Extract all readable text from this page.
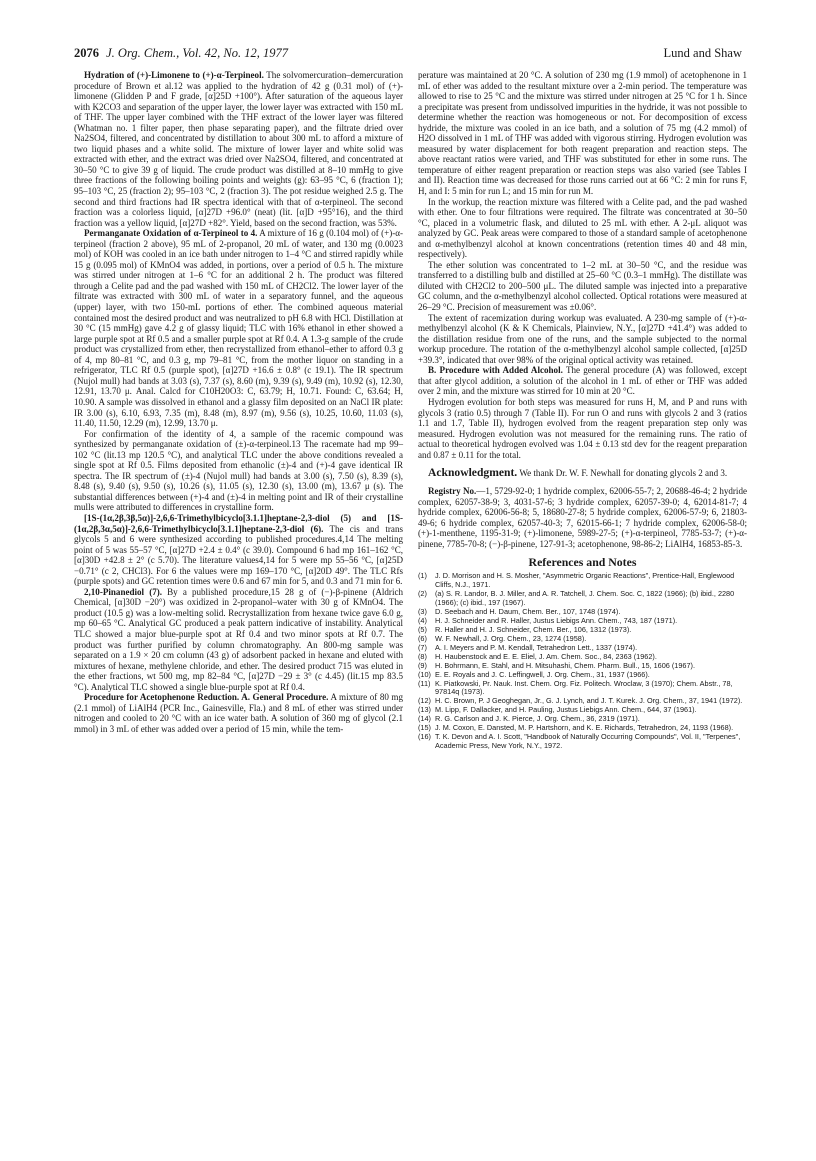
2076 J. Org. Chem., Vol. 42, No. 12, 1977	Lund and Shaw

Hydration of (+)-Limonene to (+)-α-Terpineol. The solvomercuration–demercuration procedure of Brown et al.12 was applied to the hydration of 42 g (0.31 mol) of (+)-limonene (Glidden P and F grade, [α]25D +100°). After saturation of the aqueous layer with K2CO3 and separation of the upper layer, the lower layer was extracted with 150 mL of THF. The upper layer combined with the THF extract of the lower layer was filtered (Whatman no. 1 filter paper, then phase separating paper), and the filtrate dried over Na2SO4, filtered, and concentrated by distillation to about 300 mL to afford a mixture of two liquid phases and a white solid. The mixture of lower layer and white solid was extracted with ether, and the extract was dried over Na2SO4, filtered, and concentrated at 30–50 °C to give 39 g of liquid. The crude product was distilled at 8–10 mmHg to give three fractions of the following boiling points and weights (g): 63–95 °C, 6 (fraction 1); 95–103 °C, 25 (fraction 2); 95–103 °C, 2 (fraction 3). The pot residue weighed 2.5 g. The second and third fractions had IR spectra identical with that of α-terpineol. The second fraction was a colorless liquid, [α]27D +96.0° (neat) (lit. [α]D +95°16), and the third fraction was a yellow liquid, [α]27D +82°. Yield, based on the second fraction, was 53%.

Permanganate Oxidation of α-Terpineol to 4. A mixture of 16 g (0.104 mol) of (+)-α-terpineol (fraction 2 above), 95 mL of 2-propanol, 20 mL of water, and 130 mg (0.0023 mol) of KOH was cooled in an ice bath under nitrogen to 1–4 °C and stirred rapidly while 15 g (0.095 mol) of KMnO4 was added, in portions, over a period of 0.5 h. The mixture was stirred under nitrogen at 1–6 °C for an additional 2 h. The product was filtered through a Celite pad and the pad washed with 150 mL of CH2Cl2. The lower layer of the filtrate was extracted with 300 mL of water in a separatory funnel, and the aqueous (upper) layer, with two 150-mL portions of ether. The combined aqueous material contained most the desired product and was neutralized to pH 6.8 with HCl. Distillation at 30 °C (15 mmHg) gave 4.2 g of glassy liquid; TLC with 16% ethanol in ether showed a large purple spot at Rf 0.5 and a smaller purple spot at Rf 0.4. A 1.3-g sample of the crude product was crystallized from ether, then recrystallized from ethanol–ether to afford 0.3 g of 4, mp 80–81 °C, and 0.3 g, mp 79–81 °C, from the mother liquor on standing in a refrigerator, TLC Rf 0.5 (purple spot), [α]27D +16.6 ± 0.8° (c 19.1). The IR spectrum (Nujol mull) had bands at 3.03 (s), 7.37 (s), 8.60 (m), 9.39 (s), 9.49 (m), 10.92 (s), 12.30, 12.91, 13.70 μ. Anal. Calcd for C10H20O3: C, 63.79; H, 10.71. Found: C, 63.64; H, 10.90. A sample was dissolved in ethanol and a glassy film deposited on an NaCl IR plate: IR 3.00 (s), 6.10, 6.93, 7.35 (m), 8.48 (m), 8.97 (m), 9.56 (s), 10.25, 10.60, 11.03 (s), 11.40, 11.50, 12.29 (m), 12.99, 13.70 μ.

For confirmation of the identity of 4, a sample of the racemic compound was synthesized by permanganate oxidation of (±)-α-terpineol.13 The racemate had mp 99–102 °C (lit.13 mp 120.5 °C), and analytical TLC under the above conditions revealed a single spot at Rf 0.5. Films deposited from ethanolic (±)-4 and (+)-4 gave identical IR spectra. The IR spectrum of (±)-4 (Nujol mull) had bands at 3.00 (s), 7.50 (s), 8.39 (s), 8.48 (s), 9.40 (s), 9.50 (s), 10.26 (s), 11.05 (s), 12.30 (s), 13.00 (m), 13.67 μ (s). The substantial differences between (+)-4 and (±)-4 in melting point and IR of their crystalline mulls were attributed to differences in crystalline form.

[1S-(1α,2β,3β,5α)]-2,6,6-Trimethylbicyclo[3.1.1]heptane-2,3-diol (5) and [1S-(1α,2β,3α,5α)]-2,6,6-Trimethylbicyclo[3.1.1]heptane-2,3-diol (6). The cis and trans glycols 5 and 6 were synthesized according to published procedures.4,14 The melting point of 5 was 55–57 °C, [α]27D +2.4 ± 0.4° (c 39.0). Compound 6 had mp 161–162 °C, [α]30D +42.8 ± 2° (c 5.70). The literature values4,14 for 5 were mp 55–56 °C, [α]25D −0.71° (c 2, CHCl3). For 6 the values were mp 169–170 °C, [α]20D 49°. The TLC Rfs (purple spots) and GC retention times were 0.6 and 67 min for 5, and 0.3 and 71 min for 6.

2,10-Pinanediol (7). By a published procedure,15 28 g of (−)-β-pinene (Aldrich Chemical, [α]30D −20°) was oxidized in 2-propanol–water with 30 g of KMnO4. The product (10.5 g) was a low-melting solid. Recrystallization from hexane twice gave 6.0 g, mp 60–65 °C. Analytical GC produced a peak pattern indicative of instability. Analytical TLC showed a major blue-purple spot at Rf 0.4 and two minor spots at Rf 0.7. The product was further purified by column chromatography. An 800-mg sample was separated on a 1.9 × 20 cm column (43 g) of adsorbent packed in hexane and eluted with mixtures of hexane, methylene chloride, and ether. The desired product 715 was eluted in the ether fractions, wt 500 mg, mp 82–84 °C, [α]27D −29 ± 3° (c 4.45) (lit.15 mp 83.5 °C). Analytical TLC showed a single blue-purple spot at Rf 0.4.

Procedure for Acetophenone Reduction. A. General Procedure. A mixture of 80 mg (2.1 mmol) of LiAlH4 (PCR Inc., Gainesville, Fla.) and 8 mL of ether was stirred under nitrogen and cooled to 20 °C with an ice water bath. A solution of 360 mg of glycol (2.1 mmol) in 3 mL of ether was added over a period of 15 min, while the tem-

perature was maintained at 20 °C. A solution of 230 mg (1.9 mmol) of acetophenone in 1 mL of ether was added to the resultant mixture over a 2-min period. The temperature was allowed to rise to 25 °C and the mixture was stirred under nitrogen at 25 °C for 1 h. Since a precipitate was present from undissolved impurities in the hydride, it was not possible to determine whether the reaction was homogeneous or not. For decomposition of excess hydride, the mixture was cooled in an ice bath, and a solution of 75 mg (4.2 mmol) of H2O dissolved in 1 mL of THF was added with vigorous stirring. Hydrogen evolution was measured by water displacement for both reagent preparation and reaction steps. The above reactant ratios were varied, and THF was substituted for ether in some runs. The temperature of either reagent preparation or reaction steps was also varied (see Tables I and II). Reaction time was decreased for those runs carried out at 66 °C: 2 min for runs F, H, and I: 5 min for run L; and 15 min for run M.

In the workup, the reaction mixture was filtered with a Celite pad, and the pad washed with ether. One to four filtrations were required. The filtrate was concentrated at 30–50 °C, placed in a volumetric flask, and diluted to 25 mL with ether. A 2-μL aliquot was analyzed by GC. Peak areas were compared to those of a standard sample of acetophenone and α-methylbenzyl alcohol at known concentrations (retention times 40 and 48 min, respectively).

The ether solution was concentrated to 1–2 mL at 30–50 °C, and the residue was transferred to a distilling bulb and distilled at 25–60 °C (0.3–1 mmHg). The distillate was diluted with CH2Cl2 to 200–500 μL. The diluted sample was injected into a preparative GC column, and the α-methylbenzyl alcohol collected. Optical rotations were measured at 26–29 °C. Precision of measurement was ±0.06°.

The extent of racemization during workup was evaluated. A 230-mg sample of (+)-α-methylbenzyl alcohol (K & K Chemicals, Plainview, N.Y., [α]27D +41.4°) was added to the distillation residue from one of the runs, and the sample subjected to the normal workup procedure. The rotation of the α-methylbenzyl alcohol sample collected, [α]25D +39.3°, indicated that over 98% of the original optical activity was retained.

B. Procedure with Added Alcohol. The general procedure (A) was followed, except that after glycol addition, a solution of the alcohol in 1 mL of ether or THF was added over 2 min, and the mixture was stirred for 10 min at 20 °C.

Hydrogen evolution for both steps was measured for runs H, M, and P and runs with glycols 3 (ratio 0.5) through 7 (Table II). For run O and runs with glycols 2 and 3 (ratios 1.1 and 1.7, Table II), hydrogen evolved from the reagent preparation step only was measured. Hydrogen evolution was not measured for the remaining runs. The ratio of actual to theoretical hydrogen evolved was 1.04 ± 0.13 std dev for the reagent preparation and 0.87 ± 0.11 for the total.

Acknowledgment. We thank Dr. W. F. Newhall for donating glycols 2 and 3.

Registry No.—1, 5729-92-0; 1 hydride complex, 62006-55-7; 2, 20688-46-4; 2 hydride complex, 62057-38-9; 3, 4031-57-6; 3 hydride complex, 62057-39-0; 4, 62014-81-7; 4 hydride complex, 62006-56-8; 5, 18680-27-8; 5 hydride complex, 62006-57-9; 6, 21803-49-6; 6 hydride complex, 62057-40-3; 7, 62015-66-1; 7 hydride complex, 62006-58-0; (+)-1-menthene, 1195-31-9; (+)-limonene, 5989-27-5; (+)-α-terpineol, 7785-53-7; (+)-α-pinene, 7785-70-8; (−)-β-pinene, 127-91-3; acetophenone, 98-86-2; LiAlH4, 16853-85-3.

References and Notes

(1)	J. D. Morrison and H. S. Mosher, "Asymmetric Organic Reactions", Prentice-Hall, Englewood Cliffs, N.J., 1971.
(2)	(a) S. R. Landor, B. J. Miller, and A. R. Tatchell, J. Chem. Soc. C, 1822 (1966); (b) ibid., 2280 (1966); (c) ibid., 197 (1967).
(3)	D. Seebach and H. Daum, Chem. Ber., 107, 1748 (1974).
(4)	H. J. Schneider and R. Haller, Justus Liebigs Ann. Chem., 743, 187 (1971).
(5)	R. Haller and H. J. Schneider, Chem. Ber., 106, 1312 (1973).
(6)	W. F. Newhall, J. Org. Chem., 23, 1274 (1958).
(7)	A. I. Meyers and P. M. Kendall, Tetrahedron Lett., 1337 (1974).
(8)	H. Haubenstock and E. E. Eliel, J. Am. Chem. Soc., 84, 2363 (1962).
(9)	H. Bohrmann, E. Stahl, and H. Mitsuhashi, Chem. Pharm. Bull., 15, 1606 (1967).
(10) E. E. Royals and J. C. Leffingwell, J. Org. Chem., 31, 1937 (1966).
(11) K. Piatkowski, Pr. Nauk. Inst. Chem. Org. Fiz. Politech. Wroclaw, 3 (1970); Chem. Abstr., 78, 97814q (1973).
(12) H. C. Brown, P. J Geoghegan, Jr., G. J. Lynch, and J. T. Kurek. J. Org. Chem., 37, 1941 (1972).
(13) M. Lipp, F. Dallacker, and H. Pauling, Justus Liebigs Ann. Chem., 644, 37 (1961).
(14) R. G. Carlson and J. K. Pierce, J. Org. Chem., 36, 2319 (1971).
(15) J. M. Coxon, E. Dansted, M. P. Hartshorn, and K. E. Richards, Tetrahedron, 24, 1193 (1968).
(16) T. K. Devon and A. I. Scott, "Handbook of Naturally Occurring Compounds", Vol. II, "Terpenes", Academic Press, New York, N.Y., 1972.
